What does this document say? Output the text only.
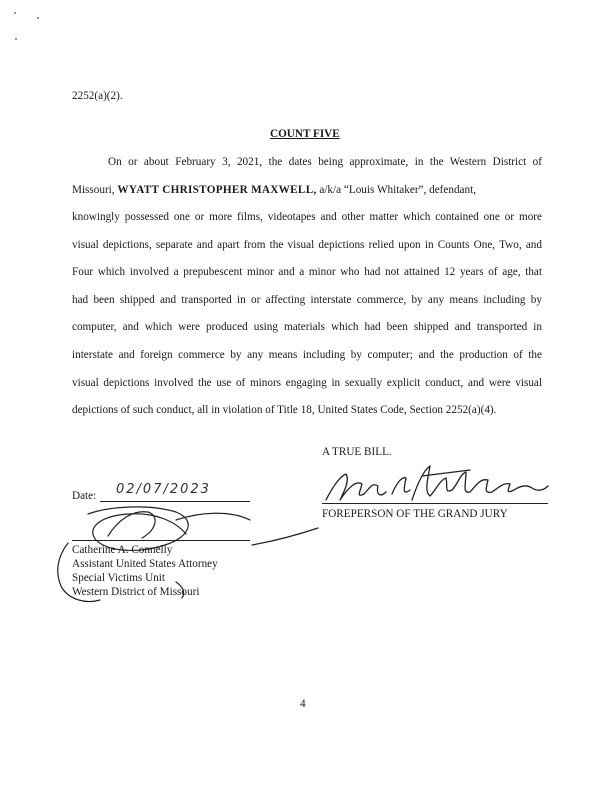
2252(a)(2).
COUNT FIVE
On or about February 3, 2021, the dates being approximate, in the Western District of
Missouri, WYATT CHRISTOPHER MAXWELL, a/k/a “Louis Whitaker”, defendant,
knowingly possessed one or more films, videotapes and other matter which contained one or more
visual depictions, separate and apart from the visual depictions relied upon in Counts One, Two, and
Four which involved a prepubescent minor and a minor who had not attained 12 years of age, that
had been shipped and transported in or affecting interstate commerce, by any means including by
computer, and which were produced using materials which had been shipped and transported in
interstate and foreign commerce by any means including by computer; and the production of the
visual depictions involved the use of minors engaging in sexually explicit conduct, and were visual
depictions of such conduct, all in violation of Title 18, United States Code, Section 2252(a)(4).
A TRUE BILL.
FOREPERSON OF THE GRAND JURY
Date: 02/07/2023
Catherine A. Connelly
Assistant United States Attorney
Special Victims Unit
Western District of Missouri
4
